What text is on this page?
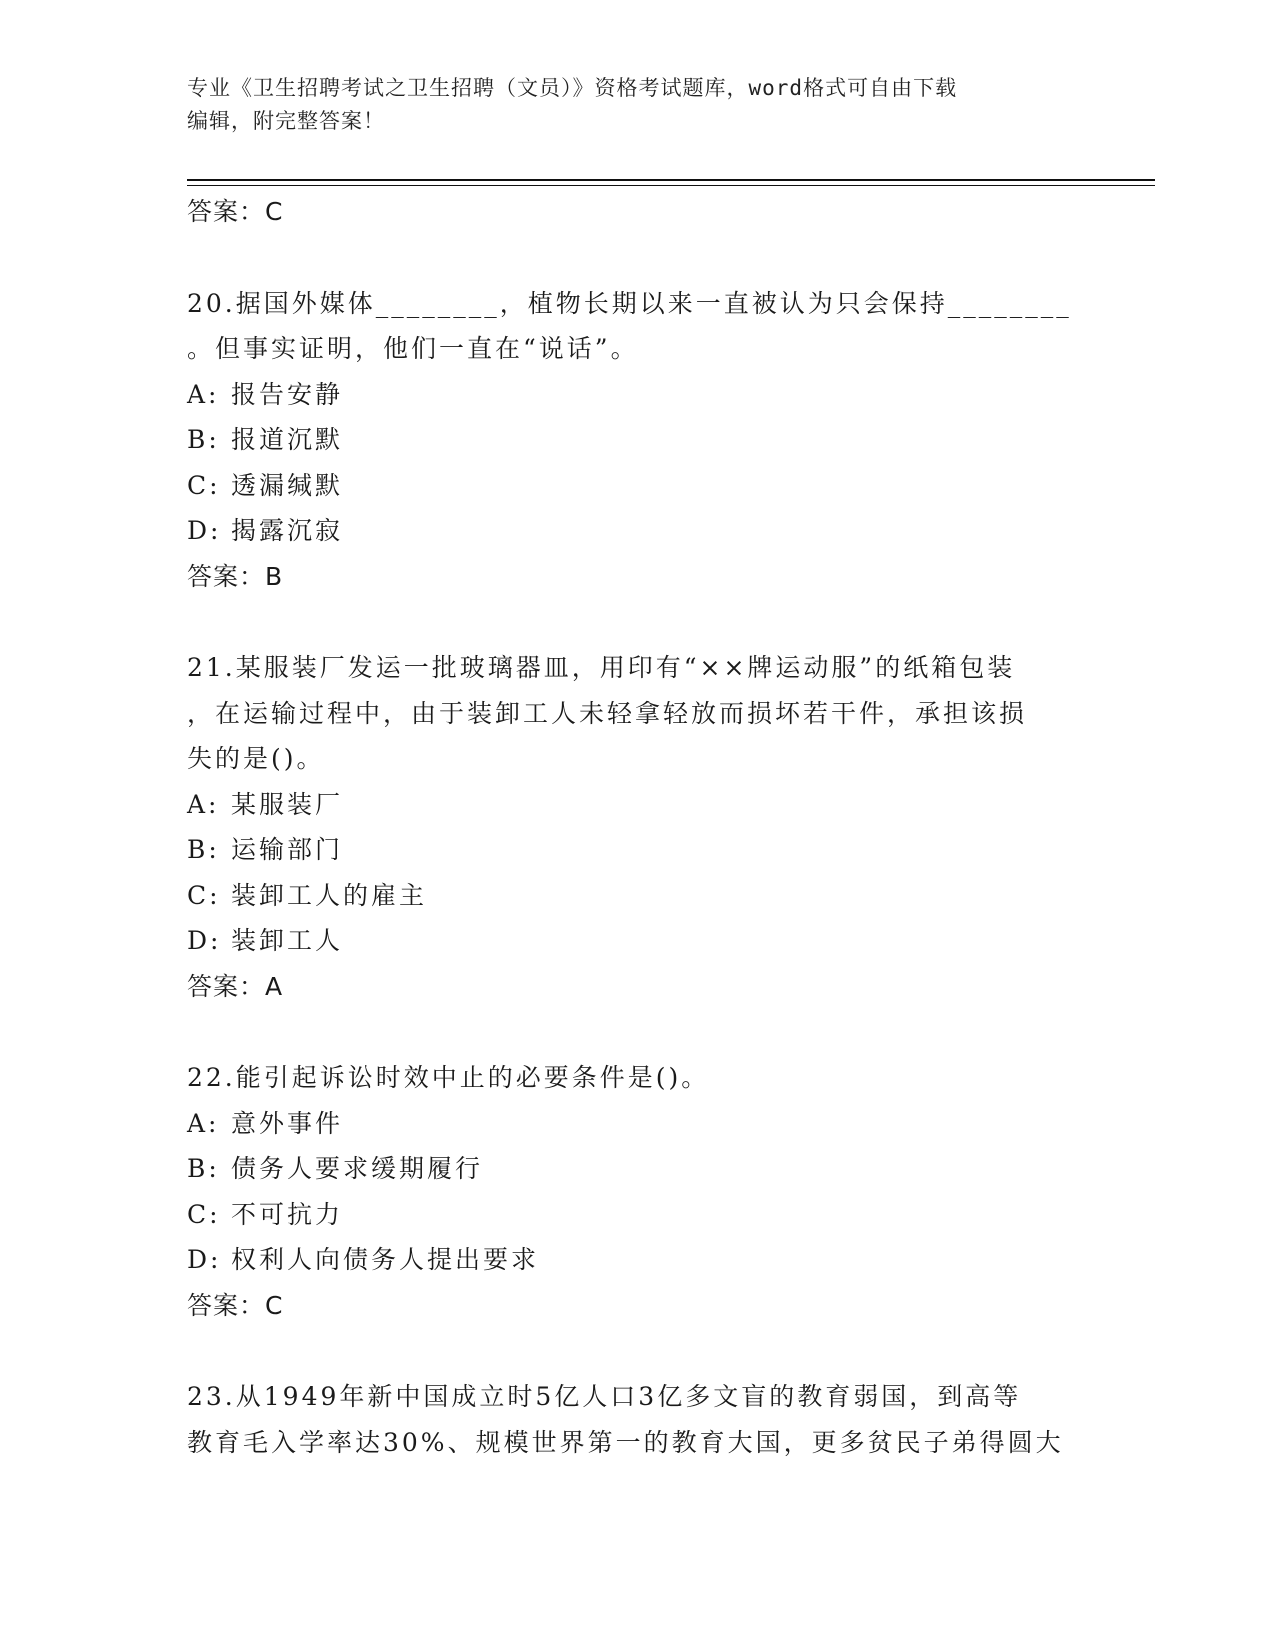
专业《卫生招聘考试之卫生招聘（文员）》资格考试题库，word格式可自由下载
编辑，附完整答案！
答案：C
20.据国外媒体________，植物长期以来一直被认为只会保持________
。但事实证明，他们一直在“说话”。
A: 报告安静
B: 报道沉默
C: 透漏缄默
D: 揭露沉寂
答案：B
21.某服装厂发运一批玻璃器皿，用印有“××牌运动服”的纸箱包装
，在运输过程中，由于装卸工人未轻拿轻放而损坏若干件，承担该损
失的是()。
A: 某服装厂
B: 运输部门
C: 装卸工人的雇主
D: 装卸工人
答案：A
22.能引起诉讼时效中止的必要条件是()。
A: 意外事件
B: 债务人要求缓期履行
C: 不可抗力
D: 权利人向债务人提出要求
答案：C
23.从1949年新中国成立时5亿人口3亿多文盲的教育弱国，到高等
教育毛入学率达30%、规模世界第一的教育大国，更多贫民子弟得圆大
